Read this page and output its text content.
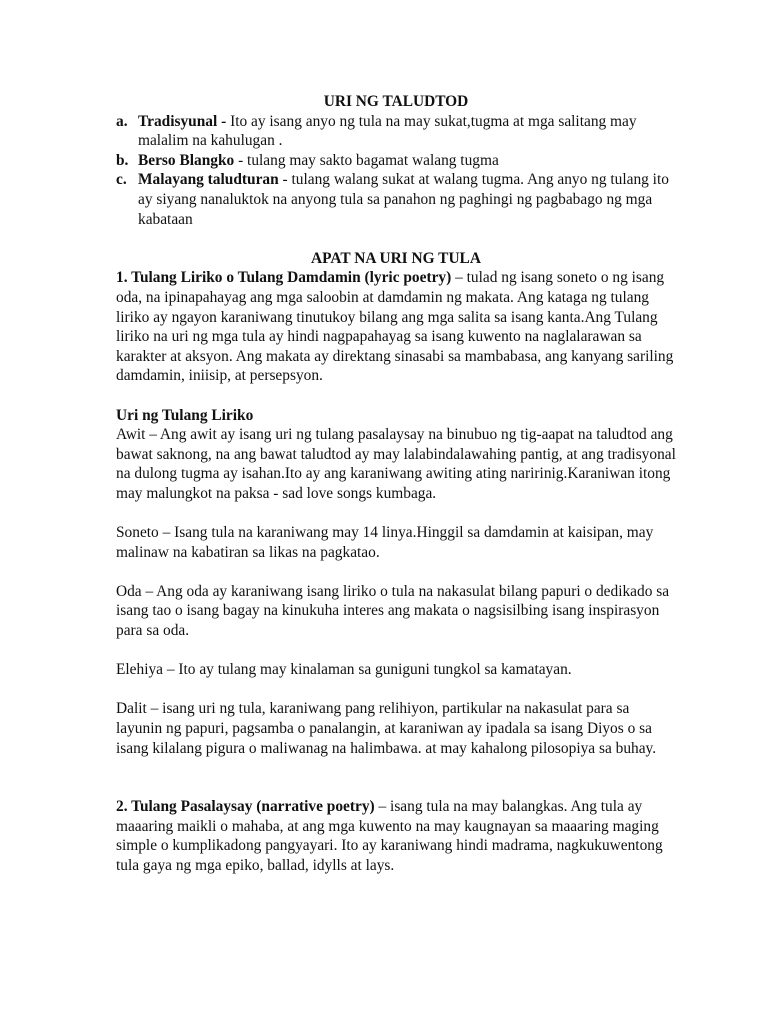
URI NG TALUDTOD

a. Tradisyunal - Ito ay isang anyo ng tula na may sukat,tugma at mga salitang may malalim na kahulugan .
b. Berso Blangko - tulang may sakto bagamat walang tugma
c. Malayang taludturan - tulang walang sukat at walang tugma. Ang anyo ng tulang ito ay siyang nanaluktok na anyong tula sa panahon ng paghingi ng pagbabago ng mga kabataan

APAT NA URI NG TULA

1. Tulang Liriko o Tulang Damdamin (lyric poetry) – tulad ng isang soneto o ng isang oda, na ipinapahayag ang mga saloobin at damdamin ng makata. Ang kataga ng tulang liriko ay ngayon karaniwang tinutukoy bilang ang mga salita sa isang kanta.Ang Tulang liriko na uri ng mga tula ay hindi nagpapahayag sa isang kuwento na naglalarawan sa karakter at aksyon. Ang makata ay direktang sinasabi sa mambabasa, ang kanyang sariling damdamin, iniisip, at persepsyon.

Uri ng Tulang Liriko

Awit – Ang awit ay isang uri ng tulang pasalaysay na binubuo ng tig-aapat na taludtod ang bawat saknong, na ang bawat taludtod ay may lalabindalawahing pantig, at ang tradisyonal na dulong tugma ay isahan.Ito ay ang karaniwang awiting ating naririnig.Karaniwan itong may malungkot na paksa - sad love songs kumbaga.

Soneto – Isang tula na karaniwang may 14 linya.Hinggil sa damdamin at kaisipan, may malinaw na kabatiran sa likas na pagkatao.

Oda – Ang oda ay karaniwang isang liriko o tula na nakasulat bilang papuri o dedikado sa isang tao o isang bagay na kinukuha interes ang makata o nagsisilbing isang inspirasyon para sa oda.

Elehiya – Ito ay tulang may kinalaman sa guniguni tungkol sa kamatayan.

Dalit – isang uri ng tula, karaniwang pang relihiyon, partikular na nakasulat para sa layunin ng papuri, pagsamba o panalangin, at karaniwan ay ipadala sa isang Diyos o sa isang kilalang pigura o maliwanag na halimbawa. at may kahalong pilosopiya sa buhay.

2. Tulang Pasalaysay (narrative poetry) – isang tula na may balangkas. Ang tula ay maaaring maikli o mahaba, at ang mga kuwento na may kaugnayan sa maaaring maging simple o kumplikadong pangyayari. Ito ay karaniwang hindi madrama, nagkukuwentong tula gaya ng mga epiko, ballad, idylls at lays.
